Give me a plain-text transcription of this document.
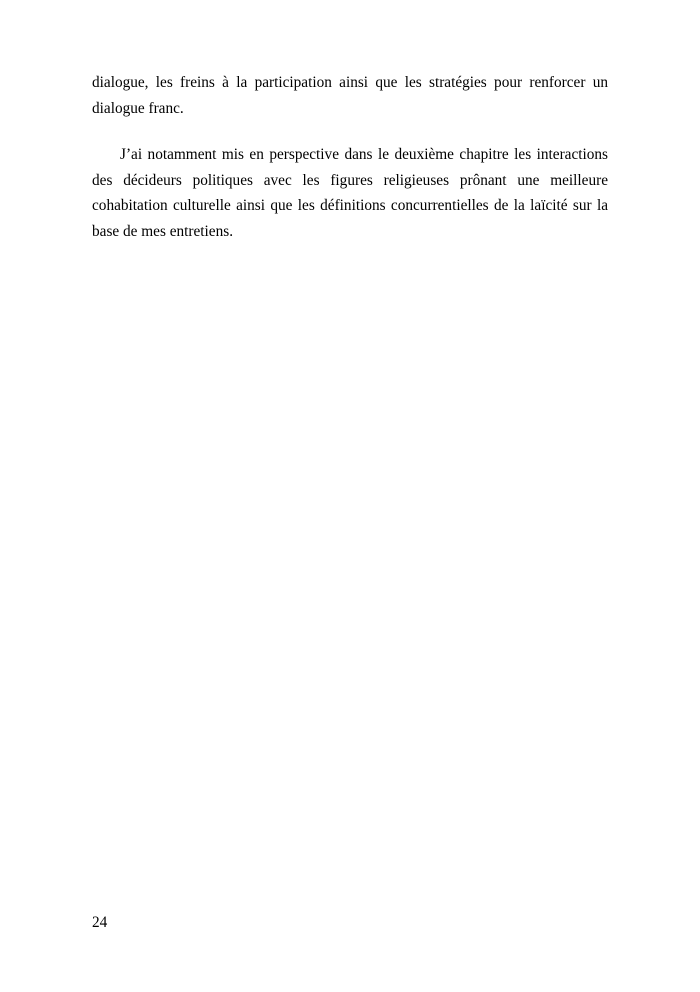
dialogue, les freins à la participation ainsi que les stratégies pour renforcer un dialogue franc.

J’ai notamment mis en perspective dans le deuxième chapitre les interactions des décideurs politiques avec les figures religieuses prônant une meilleure cohabitation culturelle ainsi que les définitions concurrentielles de la laïcité sur la base de mes entretiens.

24
